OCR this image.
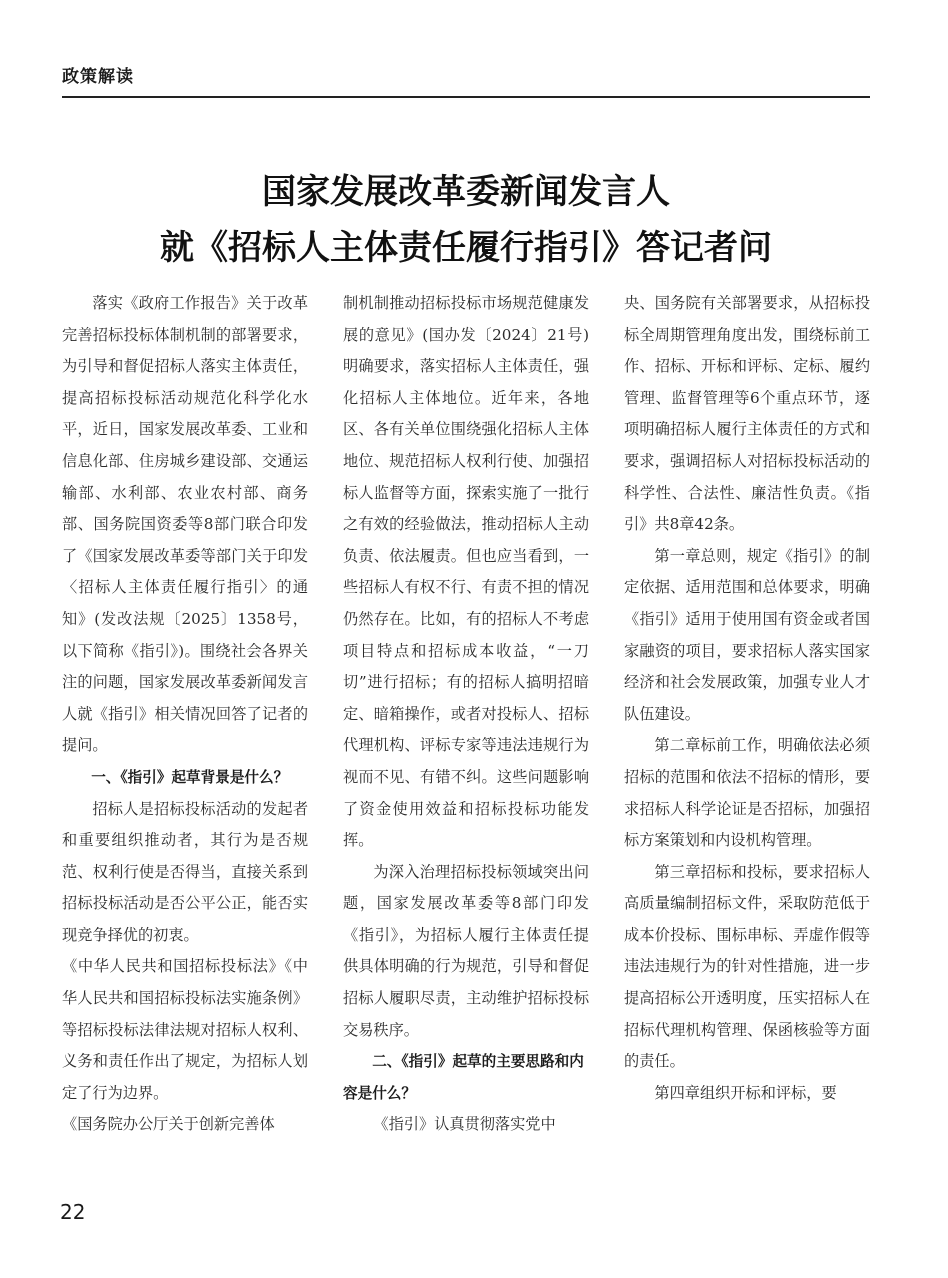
政策解读
国家发展改革委新闻发言人
就《招标人主体责任履行指引》答记者问

落实《政府工作报告》关于改革完善招标投标体制机制的部署要求，为引导和督促招标人落实主体责任，提高招标投标活动规范化科学化水平，近日，国家发展改革委、工业和信息化部、住房城乡建设部、交通运输部、水利部、农业农村部、商务部、国务院国资委等8部门联合印发了《国家发展改革委等部门关于印发〈招标人主体责任履行指引〉的通知》(发改法规〔2025〕1358号，以下简称《指引》)。围绕社会各界关注的问题，国家发展改革委新闻发言人就《指引》相关情况回答了记者的提问。

一、《指引》起草背景是什么？

招标人是招标投标活动的发起者和重要组织推动者，其行为是否规范、权利行使是否得当，直接关系到招标投标活动是否公平公正，能否实现竞争择优的初衷。

《中华人民共和国招标投标法》《中华人民共和国招标投标法实施条例》等招标投标法律法规对招标人权利、义务和责任作出了规定，为招标人划定了行为边界。

《国务院办公厅关于创新完善体

制机制推动招标投标市场规范健康发展的意见》(国办发〔2024〕21号)明确要求，落实招标人主体责任，强化招标人主体地位。近年来，各地区、各有关单位围绕强化招标人主体地位、规范招标人权利行使、加强招标人监督等方面，探索实施了一批行之有效的经验做法，推动招标人主动负责、依法履责。但也应当看到，一些招标人有权不行、有责不担的情况仍然存在。比如，有的招标人不考虑项目特点和招标成本收益，“一刀切”进行招标；有的招标人搞明招暗定、暗箱操作，或者对投标人、招标代理机构、评标专家等违法违规行为视而不见、有错不纠。这些问题影响了资金使用效益和招标投标功能发挥。

为深入治理招标投标领域突出问题，国家发展改革委等8部门印发《指引》，为招标人履行主体责任提供具体明确的行为规范，引导和督促招标人履职尽责，主动维护招标投标交易秩序。

二、《指引》起草的主要思路和内容是什么？

《指引》认真贯彻落实党中

央、国务院有关部署要求，从招标投标全周期管理角度出发，围绕标前工作、招标、开标和评标、定标、履约管理、监督管理等6个重点环节，逐项明确招标人履行主体责任的方式和要求，强调招标人对招标投标活动的科学性、合法性、廉洁性负责。《指引》共8章42条。

第一章总则，规定《指引》的制定依据、适用范围和总体要求，明确《指引》适用于使用国有资金或者国家融资的项目，要求招标人落实国家经济和社会发展政策，加强专业人才队伍建设。

第二章标前工作，明确依法必须招标的范围和依法不招标的情形，要求招标人科学论证是否招标，加强招标方案策划和内设机构管理。

第三章招标和投标，要求招标人高质量编制招标文件，采取防范低于成本价投标、围标串标、弄虚作假等违法违规行为的针对性措施，进一步提高招标公开透明度，压实招标人在招标代理机构管理、保函核验等方面的责任。

第四章组织开标和评标，要

22
